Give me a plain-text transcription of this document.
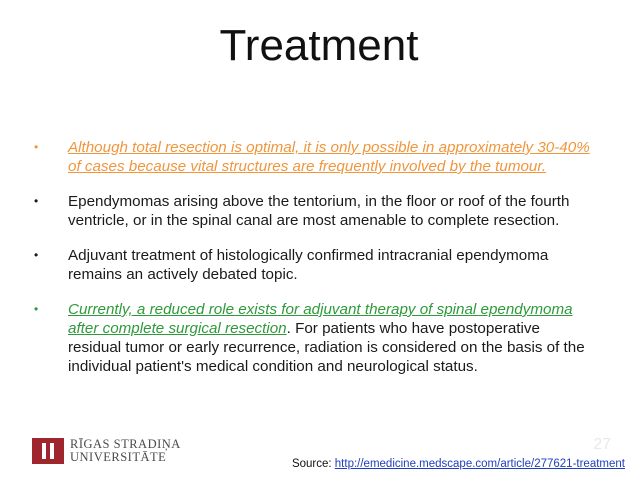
Treatment
•	Although total resection is optimal, it is only possible in approximately 30-40% of cases because vital structures are frequently involved by the tumour.
•	Ependymomas arising above the tentorium, in the floor or roof of the fourth ventricle, or in the spinal canal are most amenable to complete resection.
•	Adjuvant treatment of histologically confirmed intracranial ependymoma remains an actively debated topic.
•	Currently, a reduced role exists for adjuvant therapy of spinal ependymoma after complete surgical resection. For patients who have postoperative residual tumor or early recurrence, radiation is considered on the basis of the individual patient's medical condition and neurological status.
RĪGAS STRADIŅA
UNIVERSITĀTE
27
Source: http://emedicine.medscape.com/article/277621-treatment
